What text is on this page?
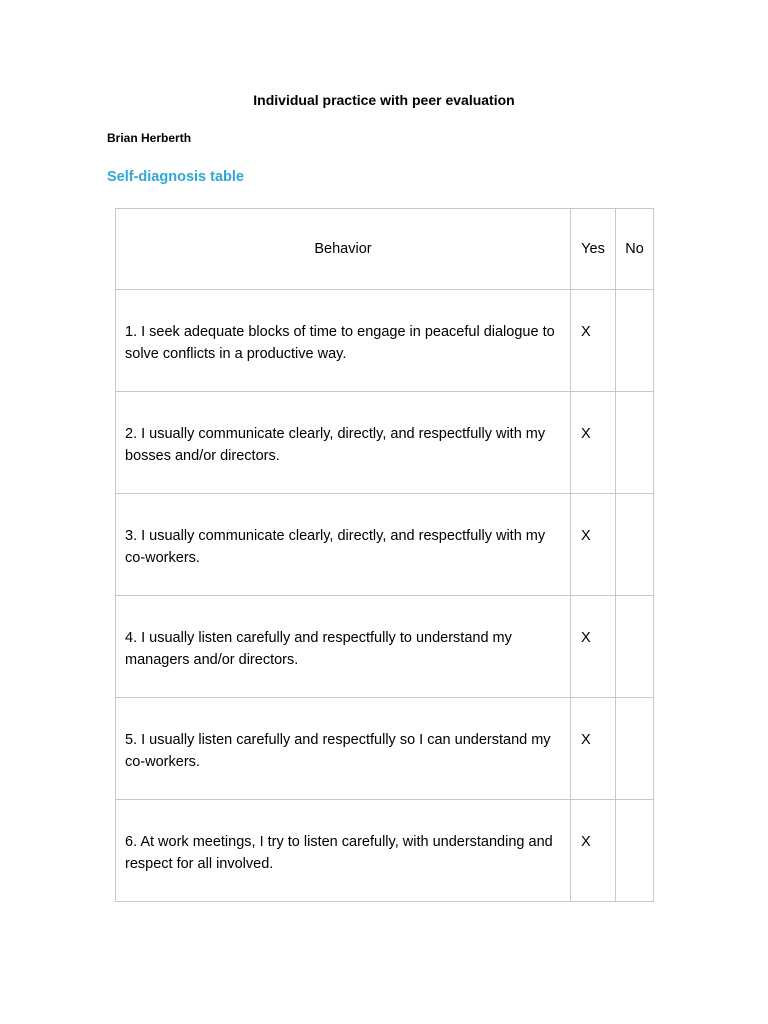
Individual practice with peer evaluation
Brian Herberth
Self-diagnosis table
Behavior	Yes	No
1. I seek adequate blocks of time to engage in peaceful dialogue to solve conflicts in a productive way.	X	
2. I usually communicate clearly, directly, and respectfully with my bosses and/or directors.	X	
3. I usually communicate clearly, directly, and respectfully with my co-workers.	X	
4. I usually listen carefully and respectfully to understand my managers and/or directors.	X	
5. I usually listen carefully and respectfully so I can understand my co-workers.	X	
6. At work meetings, I try to listen carefully, with understanding and respect for all involved.	X	
